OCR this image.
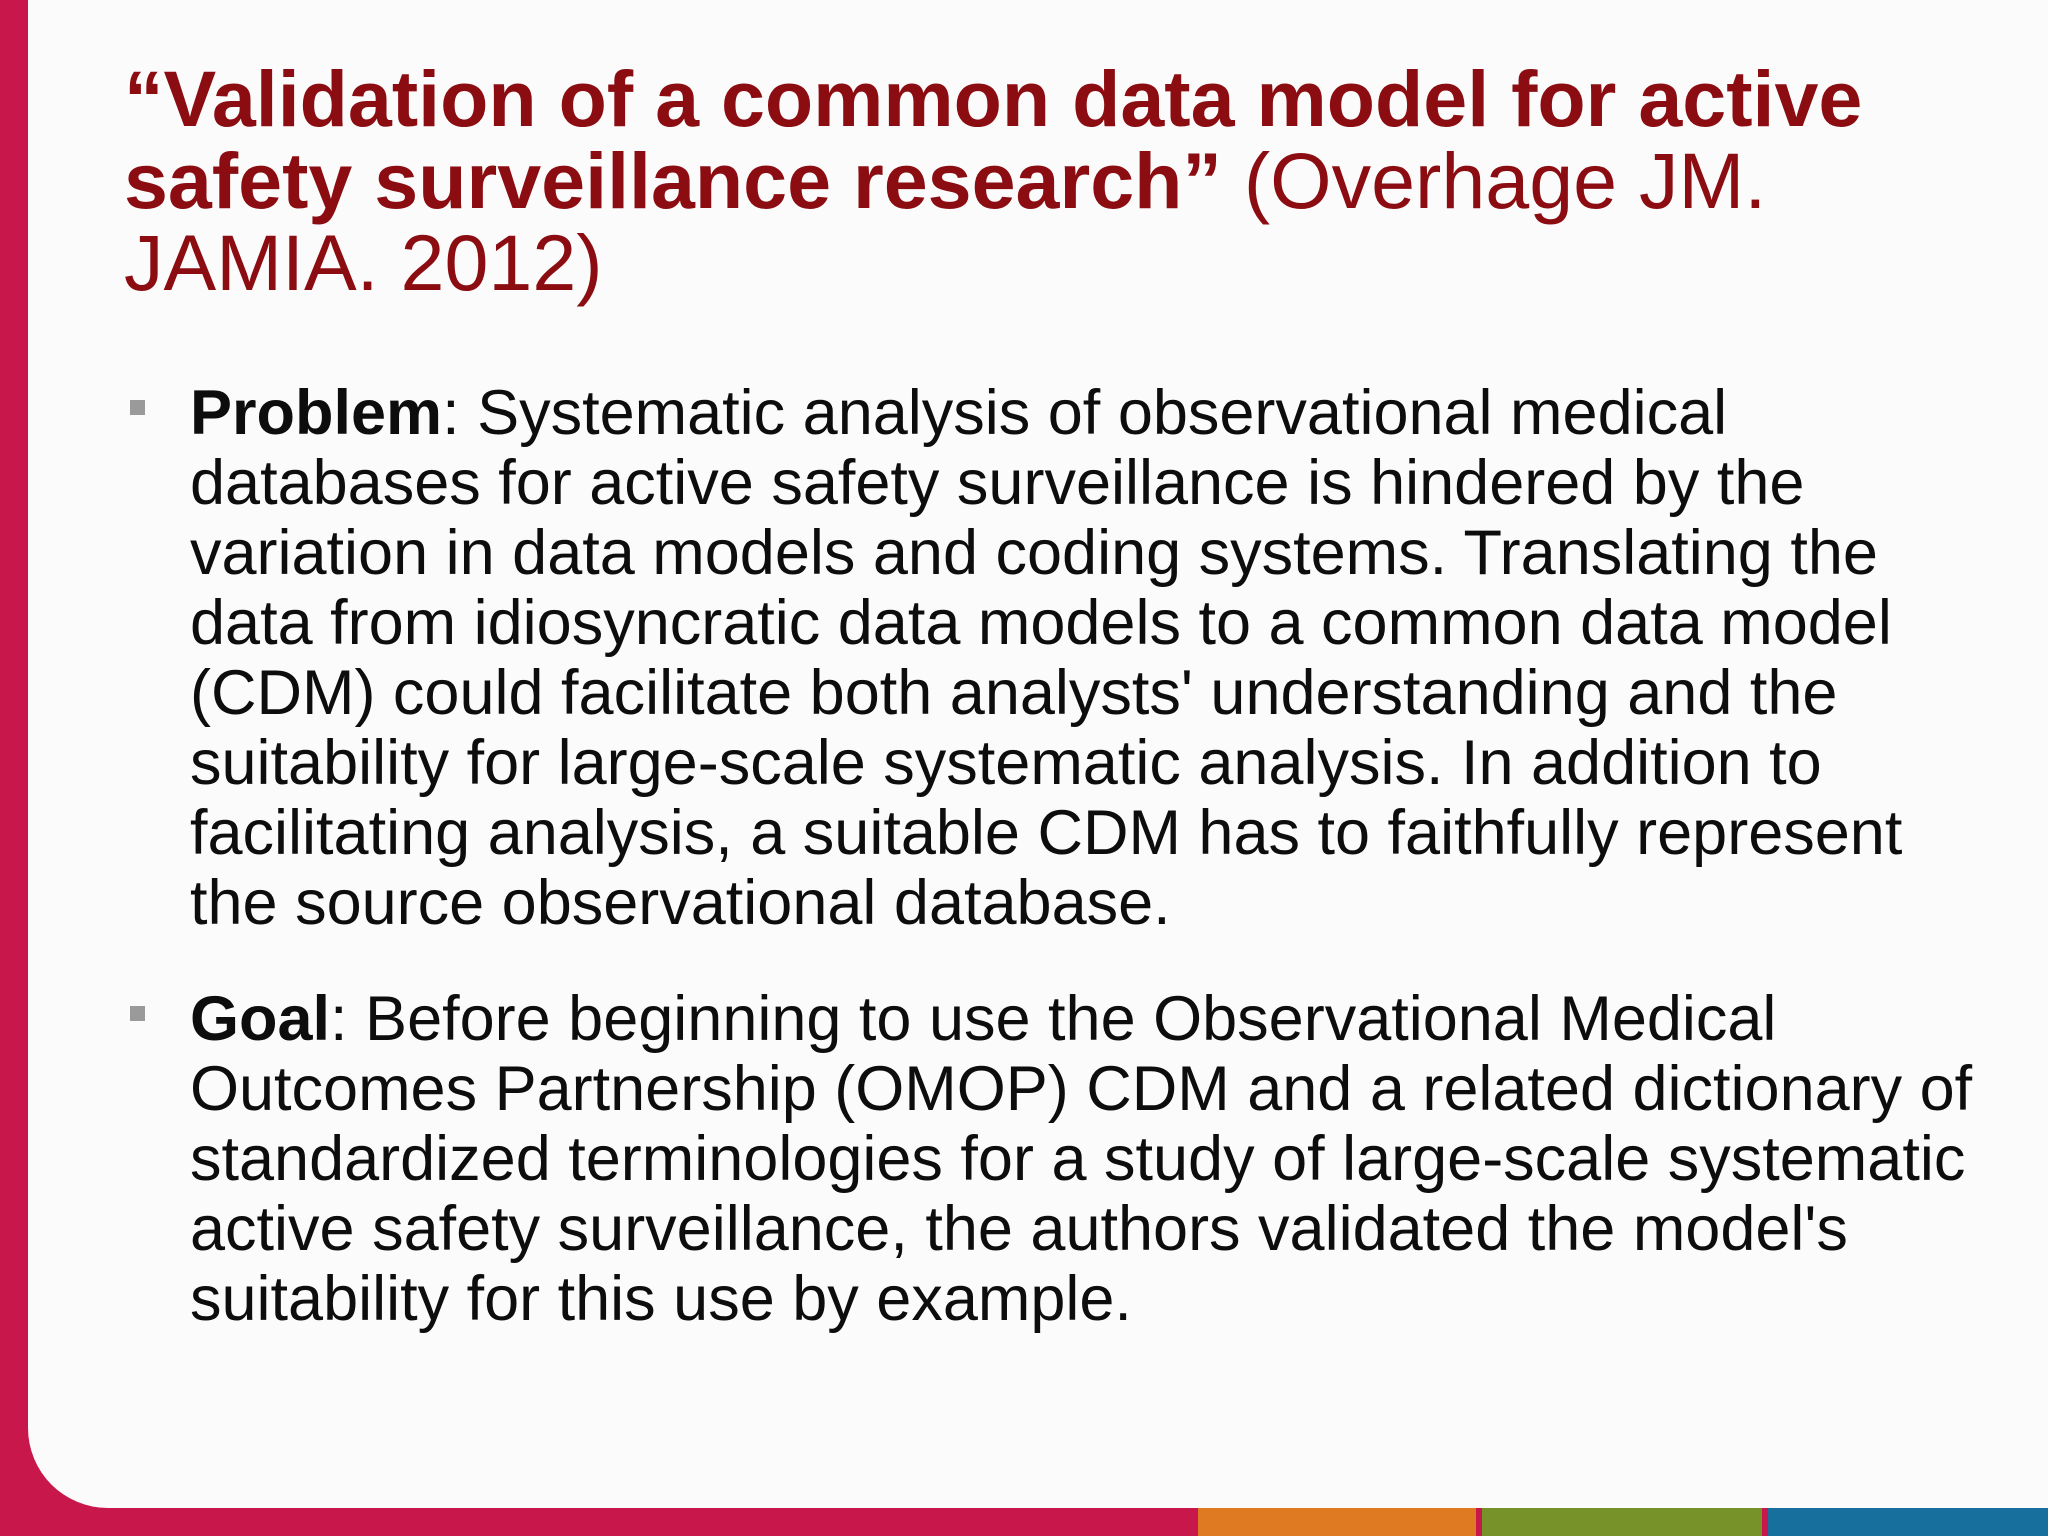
“Validation of a common data model for active safety surveillance research” (Overhage JM. JAMIA. 2012)
Problem: Systematic analysis of observational medical databases for active safety surveillance is hindered by the variation in data models and coding systems. Translating the data from idiosyncratic data models to a common data model (CDM) could facilitate both analysts' understanding and the suitability for large-scale systematic analysis. In addition to facilitating analysis, a suitable CDM has to faithfully represent the source observational database.
Goal: Before beginning to use the Observational Medical Outcomes Partnership (OMOP) CDM and a related dictionary of standardized terminologies for a study of large-scale systematic active safety surveillance, the authors validated the model's suitability for this use by example.
